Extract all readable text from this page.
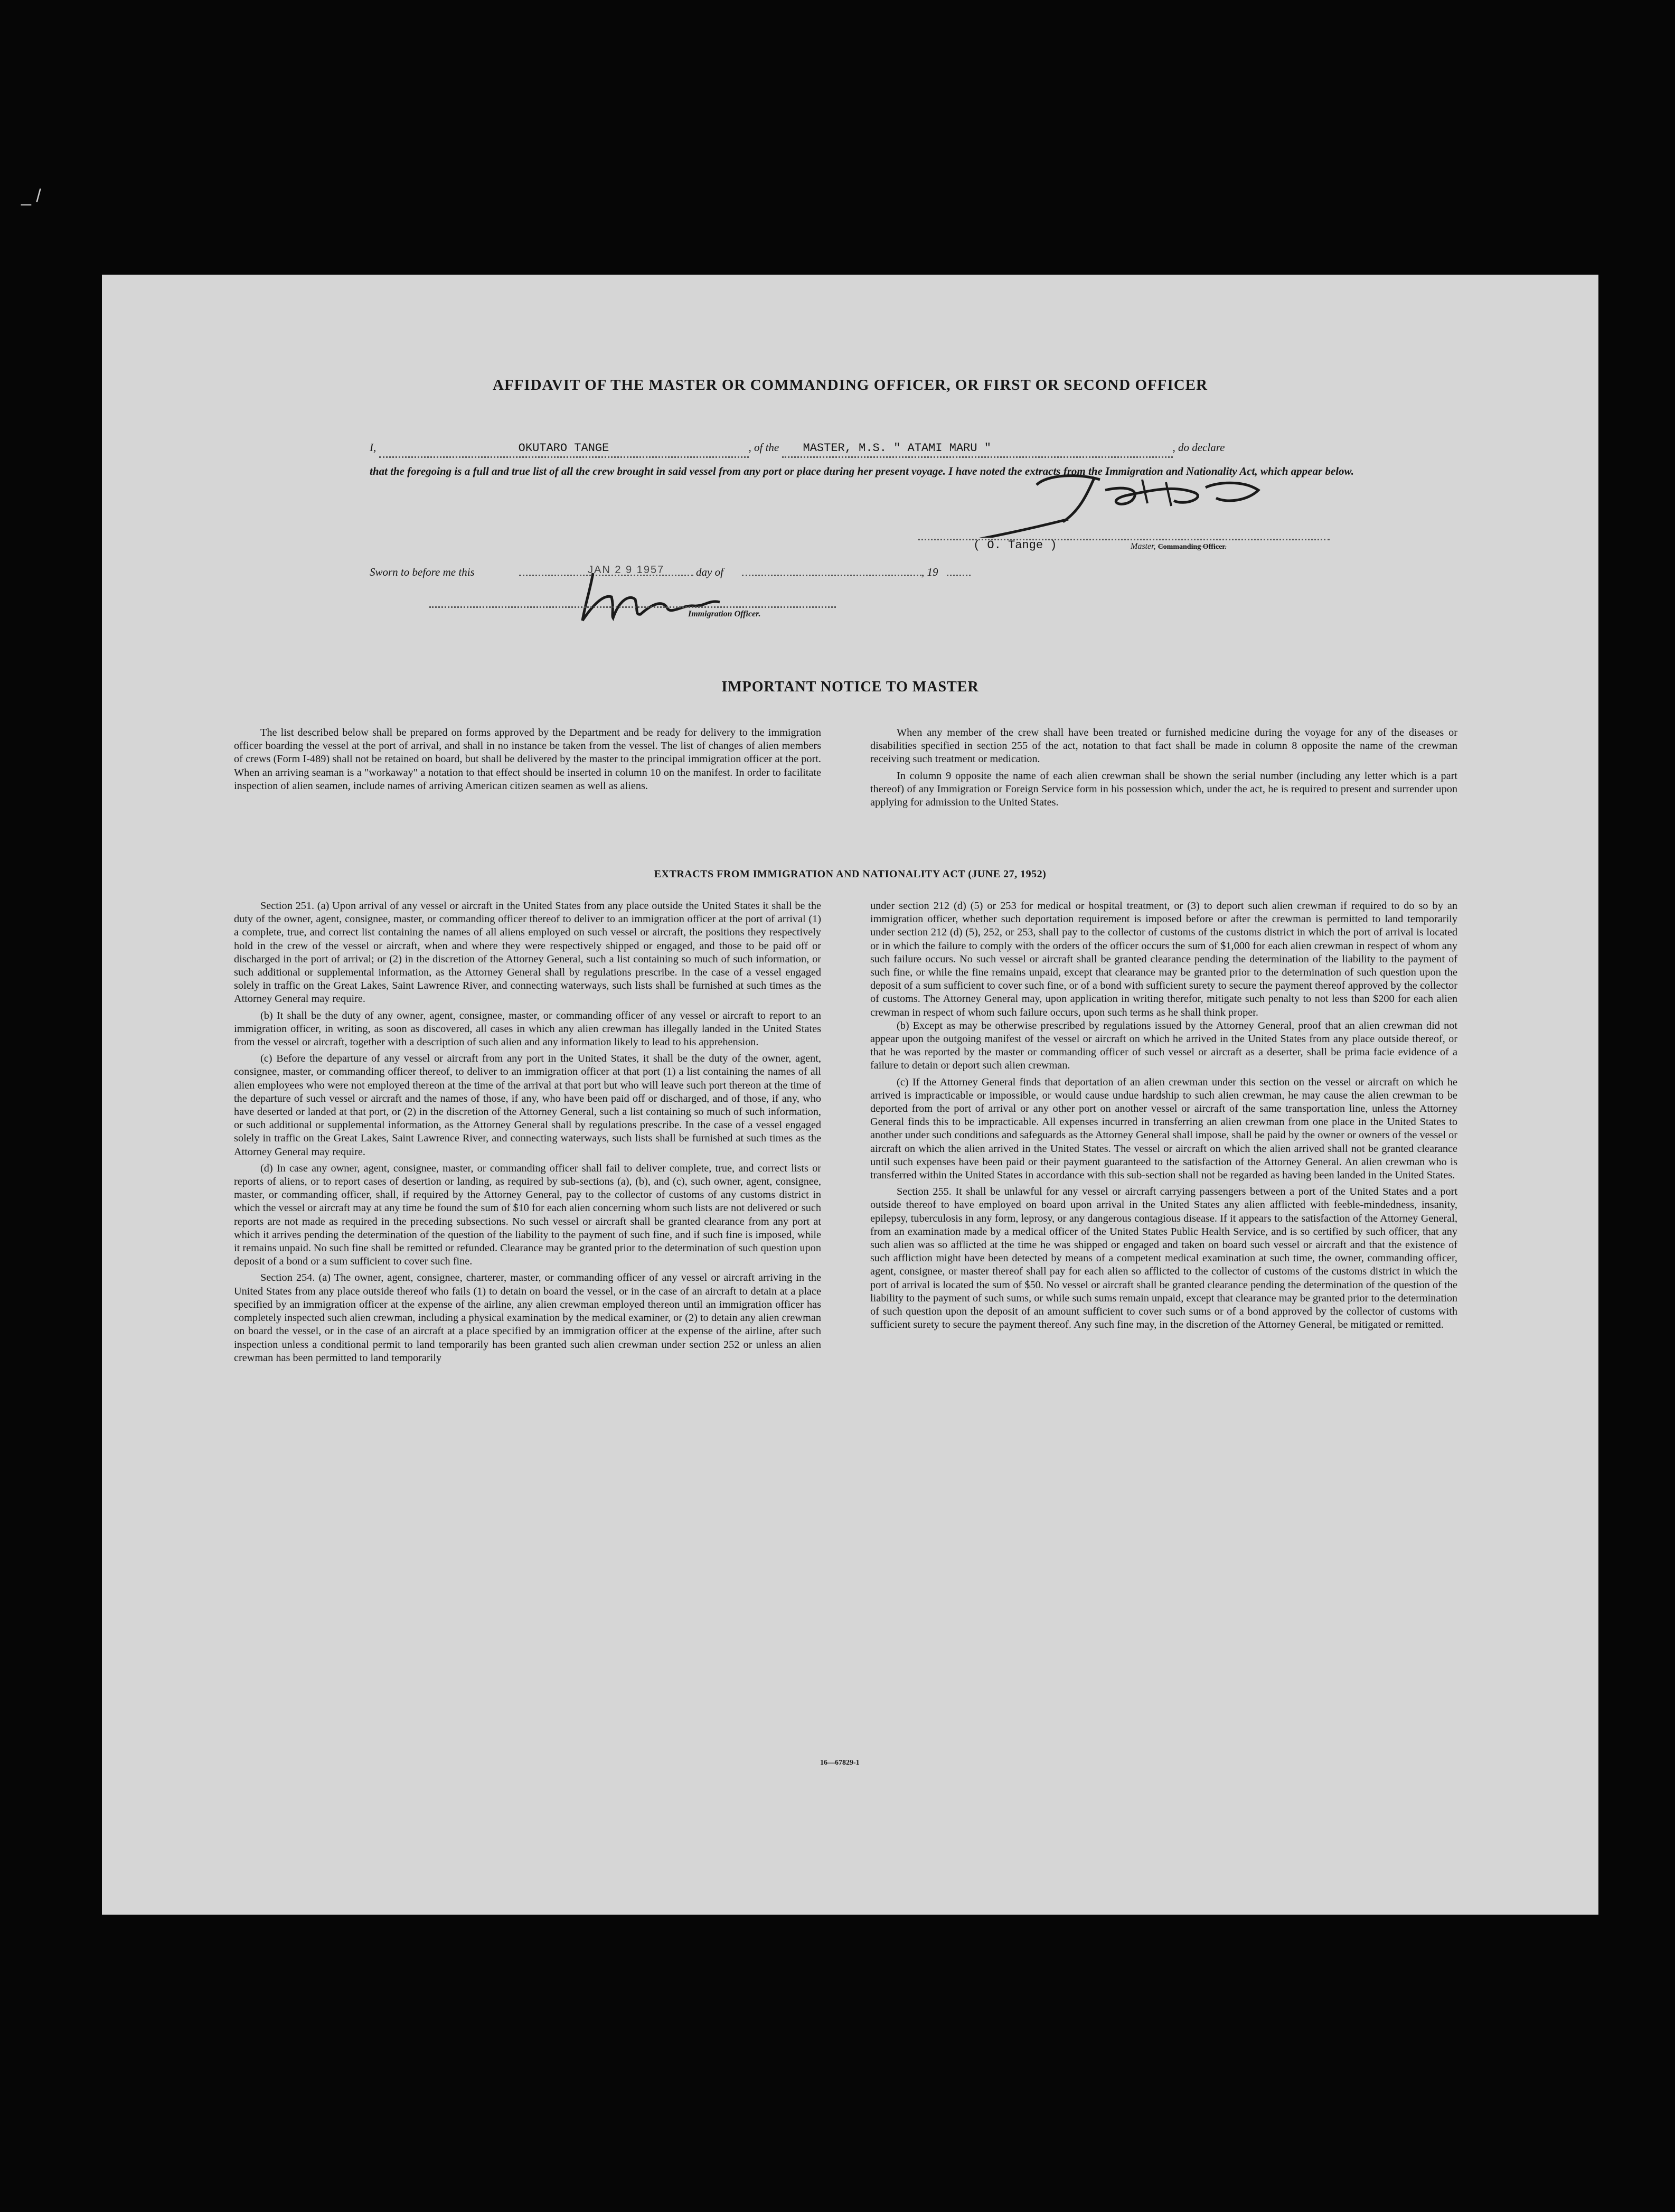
_ /
AFFIDAVIT OF THE MASTER OR COMMANDING OFFICER, OR FIRST OR SECOND OFFICER
I,	OKUTARO TANGE	, of the MASTER, M.S. " ATAMI MARU "	, do declare
that the foregoing is a full and true list of all the crew brought in said vessel from any port or place during her present voyage. I have noted the extracts from the Immigration and Nationality Act, which appear below.
( O. Tange )	Master, Commanding Officer.
Sworn to before me this	JAN 2 9 1957	day of	, 19
Immigration Officer.
IMPORTANT NOTICE TO MASTER

The list described below shall be prepared on forms approved by the Department and be ready for delivery to the immigration officer boarding the vessel at the port of arrival, and shall in no instance be taken from the vessel. The list of changes of alien members of crews (Form I-489) shall not be retained on board, but shall be delivered by the master to the principal immigration officer at the port. When an arriving seaman is a "workaway" a notation to that effect should be inserted in column 10 on the manifest. In order to facilitate inspection of alien seamen, include names of arriving American citizen seamen as well as aliens.

When any member of the crew shall have been treated or furnished medicine during the voyage for any of the diseases or disabilities specified in section 255 of the act, notation to that fact shall be made in column 8 opposite the name of the crewman receiving such treatment or medication.

In column 9 opposite the name of each alien crewman shall be shown the serial number (including any letter which is a part thereof) of any Immigration or Foreign Service form in his possession which, under the act, he is required to present and surrender upon applying for admission to the United States.

EXTRACTS FROM IMMIGRATION AND NATIONALITY ACT (JUNE 27, 1952)

Section 251. (a) Upon arrival of any vessel or aircraft in the United States from any place outside the United States it shall be the duty of the owner, agent, consignee, master, or commanding officer thereof to deliver to an immigration officer at the port of arrival (1) a complete, true, and correct list containing the names of all aliens employed on such vessel or aircraft, the positions they respectively hold in the crew of the vessel or aircraft, when and where they were respectively shipped or engaged, and those to be paid off or discharged in the port of arrival; or (2) in the discretion of the Attorney General, such a list containing so much of such information, or such additional or supplemental information, as the Attorney General shall by regulations prescribe. In the case of a vessel engaged solely in traffic on the Great Lakes, Saint Lawrence River, and connecting waterways, such lists shall be furnished at such times as the Attorney General may require.

(b) It shall be the duty of any owner, agent, consignee, master, or commanding officer of any vessel or aircraft to report to an immigration officer, in writing, as soon as discovered, all cases in which any alien crewman has illegally landed in the United States from the vessel or aircraft, together with a description of such alien and any information likely to lead to his apprehension.

(c) Before the departure of any vessel or aircraft from any port in the United States, it shall be the duty of the owner, agent, consignee, master, or commanding officer thereof, to deliver to an immigration officer at that port (1) a list containing the names of all alien employees who were not employed thereon at the time of the arrival at that port but who will leave such port thereon at the time of the departure of such vessel or aircraft and the names of those, if any, who have been paid off or discharged, and of those, if any, who have deserted or landed at that port, or (2) in the discretion of the Attorney General, such a list containing so much of such information, or such additional or supplemental information, as the Attorney General shall by regulations prescribe. In the case of a vessel engaged solely in traffic on the Great Lakes, Saint Lawrence River, and connecting waterways, such lists shall be furnished at such times as the Attorney General may require.

(d) In case any owner, agent, consignee, master, or commanding officer shall fail to deliver complete, true, and correct lists or reports of aliens, or to report cases of desertion or landing, as required by sub-sections (a), (b), and (c), such owner, agent, consignee, master, or commanding officer, shall, if required by the Attorney General, pay to the collector of customs of any customs district in which the vessel or aircraft may at any time be found the sum of $10 for each alien concerning whom such lists are not delivered or such reports are not made as required in the preceding subsections. No such vessel or aircraft shall be granted clearance from any port at which it arrives pending the determination of the question of the liability to the payment of such fine, and if such fine is imposed, while it remains unpaid. No such fine shall be remitted or refunded. Clearance may be granted prior to the determination of such question upon deposit of a bond or a sum sufficient to cover such fine.

Section 254. (a) The owner, agent, consignee, charterer, master, or commanding officer of any vessel or aircraft arriving in the United States from any place outside thereof who fails (1) to detain on board the vessel, or in the case of an aircraft to detain at a place specified by an immigration officer at the expense of the airline, any alien crewman employed thereon until an immigration officer has completely inspected such alien crewman, including a physical examination by the medical examiner, or (2) to detain any alien crewman on board the vessel, or in the case of an aircraft at a place specified by an immigration officer at the expense of the airline, after such inspection unless a conditional permit to land temporarily has been granted such alien crewman under section 252 or unless an alien crewman has been permitted to land temporarily

under section 212 (d) (5) or 253 for medical or hospital treatment, or (3) to deport such alien crewman if required to do so by an immigration officer, whether such deportation requirement is imposed before or after the crewman is permitted to land temporarily under section 212 (d) (5), 252, or 253, shall pay to the collector of customs of the customs district in which the port of arrival is located or in which the failure to comply with the orders of the officer occurs the sum of $1,000 for each alien crewman in respect of whom any such failure occurs. No such vessel or aircraft shall be granted clearance pending the determination of the liability to the payment of such fine, or while the fine remains unpaid, except that clearance may be granted prior to the determination of such question upon the deposit of a sum sufficient to cover such fine, or of a bond with sufficient surety to secure the payment thereof approved by the collector of customs. The Attorney General may, upon application in writing therefor, mitigate such penalty to not less than $200 for each alien crewman in respect of whom such failure occurs, upon such terms as he shall think proper.

(b) Except as may be otherwise prescribed by regulations issued by the Attorney General, proof that an alien crewman did not appear upon the outgoing manifest of the vessel or aircraft on which he arrived in the United States from any place outside thereof, or that he was reported by the master or commanding officer of such vessel or aircraft as a deserter, shall be prima facie evidence of a failure to detain or deport such alien crewman.

(c) If the Attorney General finds that deportation of an alien crewman under this section on the vessel or aircraft on which he arrived is impracticable or impossible, or would cause undue hardship to such alien crewman, he may cause the alien crewman to be deported from the port of arrival or any other port on another vessel or aircraft of the same transportation line, unless the Attorney General finds this to be impracticable. All expenses incurred in transferring an alien crewman from one place in the United States to another under such conditions and safeguards as the Attorney General shall impose, shall be paid by the owner or owners of the vessel or aircraft on which the alien arrived in the United States. The vessel or aircraft on which the alien arrived shall not be granted clearance until such expenses have been paid or their payment guaranteed to the satisfaction of the Attorney General. An alien crewman who is transferred within the United States in accordance with this sub-section shall not be regarded as having been landed in the United States.

Section 255. It shall be unlawful for any vessel or aircraft carrying passengers between a port of the United States and a port outside thereof to have employed on board upon arrival in the United States any alien afflicted with feeble-mindedness, insanity, epilepsy, tuberculosis in any form, leprosy, or any dangerous contagious disease. If it appears to the satisfaction of the Attorney General, from an examination made by a medical officer of the United States Public Health Service, and is so certified by such officer, that any such alien was so afflicted at the time he was shipped or engaged and taken on board such vessel or aircraft and that the existence of such affliction might have been detected by means of a competent medical examination at such time, the owner, commanding officer, agent, consignee, or master thereof shall pay for each alien so afflicted to the collector of customs of the customs district in which the port of arrival is located the sum of $50. No vessel or aircraft shall be granted clearance pending the determination of the question of the liability to the payment of such sums, or while such sums remain unpaid, except that clearance may be granted prior to the determination of such question upon the deposit of an amount sufficient to cover such sums or of a bond approved by the collector of customs with sufficient surety to secure the payment thereof. Any such fine may, in the discretion of the Attorney General, be mitigated or remitted.

16—67829-1
